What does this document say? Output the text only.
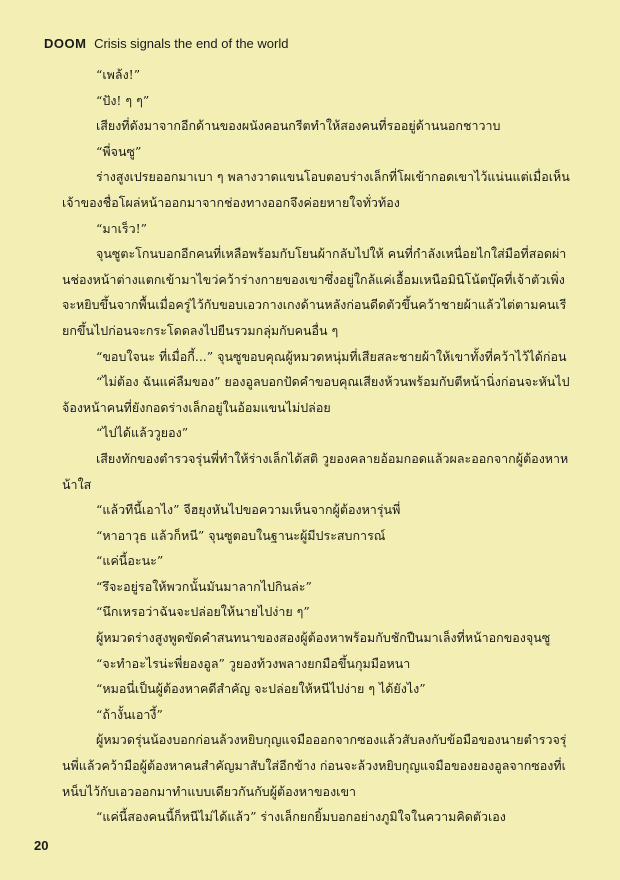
DOOM Crisis signals the end of the world

“เพล้ง!”

“ปัง! ๆ ๆ”

เสียงที่ดังมาจากอีกด้านของผนังคอนกรีตทำให้สองคนที่รออยู่ด้านนอกชาวาบ

“พี่จนซู”

ร่างสูงเปรยออกมาเบา ๆ พลางวาดแขนโอบตอบร่างเล็กที่โผเข้ากอดเขาไว้แน่นแต่เมื่อเห็นเจ้าของชื่อโผล่หน้าออกมาจากช่องทางออกจึงค่อยหายใจทั่วท้อง

“มาเร็ว!”

จุนซูตะโกนบอกอีกคนที่เหลือพร้อมกับโยนผ้ากลับไปให้ คนที่กำลังเหนื่อยไกใส่มือที่สอดผ่านช่องหน้าต่างแตกเข้ามาไขว่คว้าร่างกายของเขาซึ่งอยู่ใกล้แค่เอื้อมเหนือมินิโน้ตบุ๊คที่เจ้าตัวเพิ่งจะหยิบขึ้นจากพื้นเมื่อครู่ไว้กับขอบเอวกางเกงด้านหลังก่อนดีดตัวขึ้นคว้าชายผ้าแล้วไต่ตามคนเรียกขึ้นไปก่อนจะกระโดดลงไปยืนรวมกลุ่มกับคนอื่น ๆ

“ขอบใจนะ ที่เมื่อกี้...” จุนซูขอบคุณผู้หมวดหนุ่มที่เสียสละชายผ้าให้เขาทั้งที่คว้าไว้ได้ก่อน

“ไม่ต้อง ฉันแค่ลืมของ” ยองอูลบอกปัดคำขอบคุณเสียงห้วนพร้อมกับตีหน้านิ่งก่อนจะหันไปจ้องหน้าคนที่ยังกอดร่างเล็กอยู่ในอ้อมแขนไม่ปล่อย

“ไปได้แล้ววูยอง”

เสียงทักของตำรวจรุ่นพี่ทำให้ร่างเล็กได้สติ วูยองคลายอ้อมกอดแล้วผละออกจากผู้ต้องหาหน้าใส

“แล้วทีนี้เอาไง” จีฮยุงหันไปขอความเห็นจากผู้ต้องหารุ่นพี่

“หาอาวุธ แล้วก็หนี” จุนซูตอบในฐานะผู้มีประสบการณ์

“แค่นี้อะนะ”

“รึจะอยู่รอให้พวกนั้นมันมาลากไปกินล่ะ”

“นึกเหรอว่าฉันจะปล่อยให้นายไปง่าย ๆ”

ผู้หมวดร่างสูงพูดขัดคำสนทนาของสองผู้ต้องหาพร้อมกับชักปืนมาเล็งที่หน้าอกของจุนซู

“จะทำอะไรน่ะพี่ยองอูล” วูยองท้วงพลางยกมือขึ้นกุมมือหนา

“หมอนี่เป็นผู้ต้องหาคดีสำคัญ จะปล่อยให้หนีไปง่าย ๆ ได้ยังไง”

“ถ้างั้นเอางี้”

ผู้หมวดรุ่นน้องบอกก่อนล้วงหยิบกุญแจมือออกจากซองแล้วสับลงกับข้อมือของนายตำรวจรุ่นพี่แล้วคว้ามือผู้ต้องหาคนสำคัญมาสับใส่อีกข้าง ก่อนจะล้วงหยิบกุญแจมือของยองอูลจากซองที่เหน็บไว้กับเอวออกมาทำแบบเดียวกันกับผู้ต้องหาของเขา

“แค่นี้สองคนนี้ก็หนีไม่ได้แล้ว” ร่างเล็กยกยิ้มบอกอย่างภูมิใจในความคิดตัวเอง

20
